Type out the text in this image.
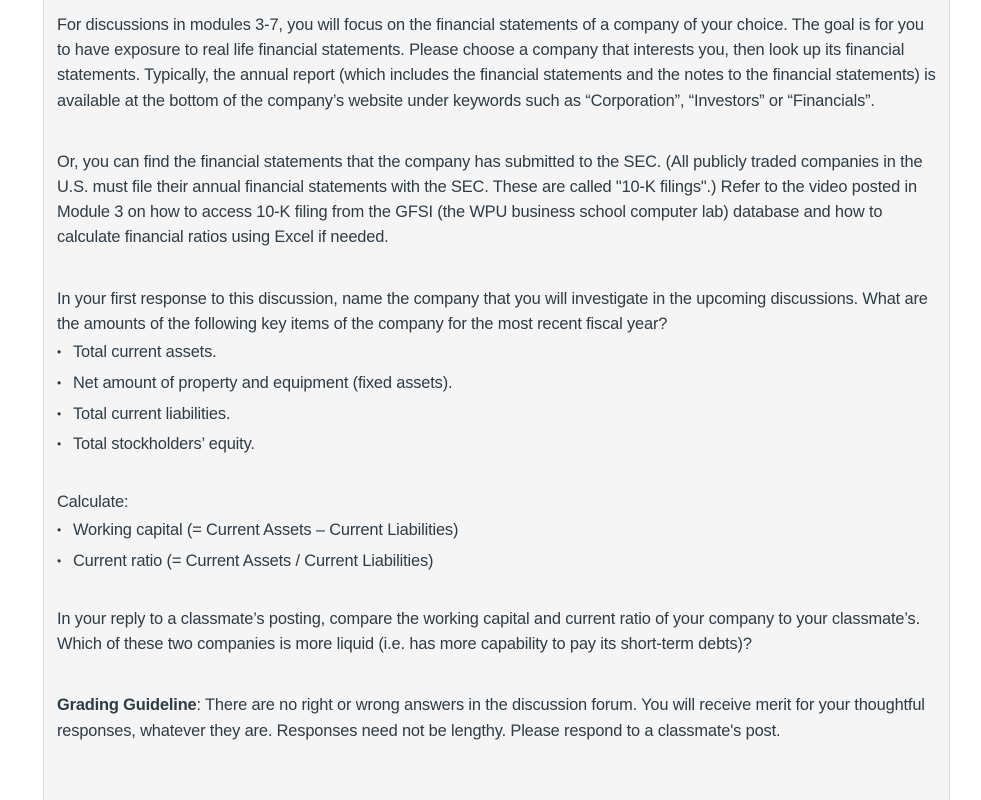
For discussions in modules 3-7, you will focus on the financial statements of a company of your choice. The goal is for you to have exposure to real life financial statements. Please choose a company that interests you, then look up its financial statements. Typically, the annual report (which includes the financial statements and the notes to the financial statements) is available at the bottom of the company’s website under keywords such as “Corporation”, “Investors” or “Financials”.

Or, you can find the financial statements that the company has submitted to the SEC. (All publicly traded companies in the U.S. must file their annual financial statements with the SEC. These are called "10-K filings".) Refer to the video posted in Module 3 on how to access 10-K filing from the GFSI (the WPU business school computer lab) database and how to calculate financial ratios using Excel if needed.

In your first response to this discussion, name the company that you will investigate in the upcoming discussions. What are the amounts of the following key items of the company for the most recent fiscal year?

• Total current assets.
• Net amount of property and equipment (fixed assets).
• Total current liabilities.
• Total stockholders’ equity.

Calculate:

• Working capital (= Current Assets – Current Liabilities)
• Current ratio (= Current Assets / Current Liabilities)

In your reply to a classmate’s posting, compare the working capital and current ratio of your company to your classmate’s. Which of these two companies is more liquid (i.e. has more capability to pay its short-term debts)?

Grading Guideline: There are no right or wrong answers in the discussion forum. You will receive merit for your thoughtful responses, whatever they are. Responses need not be lengthy. Please respond to a classmate's post.
